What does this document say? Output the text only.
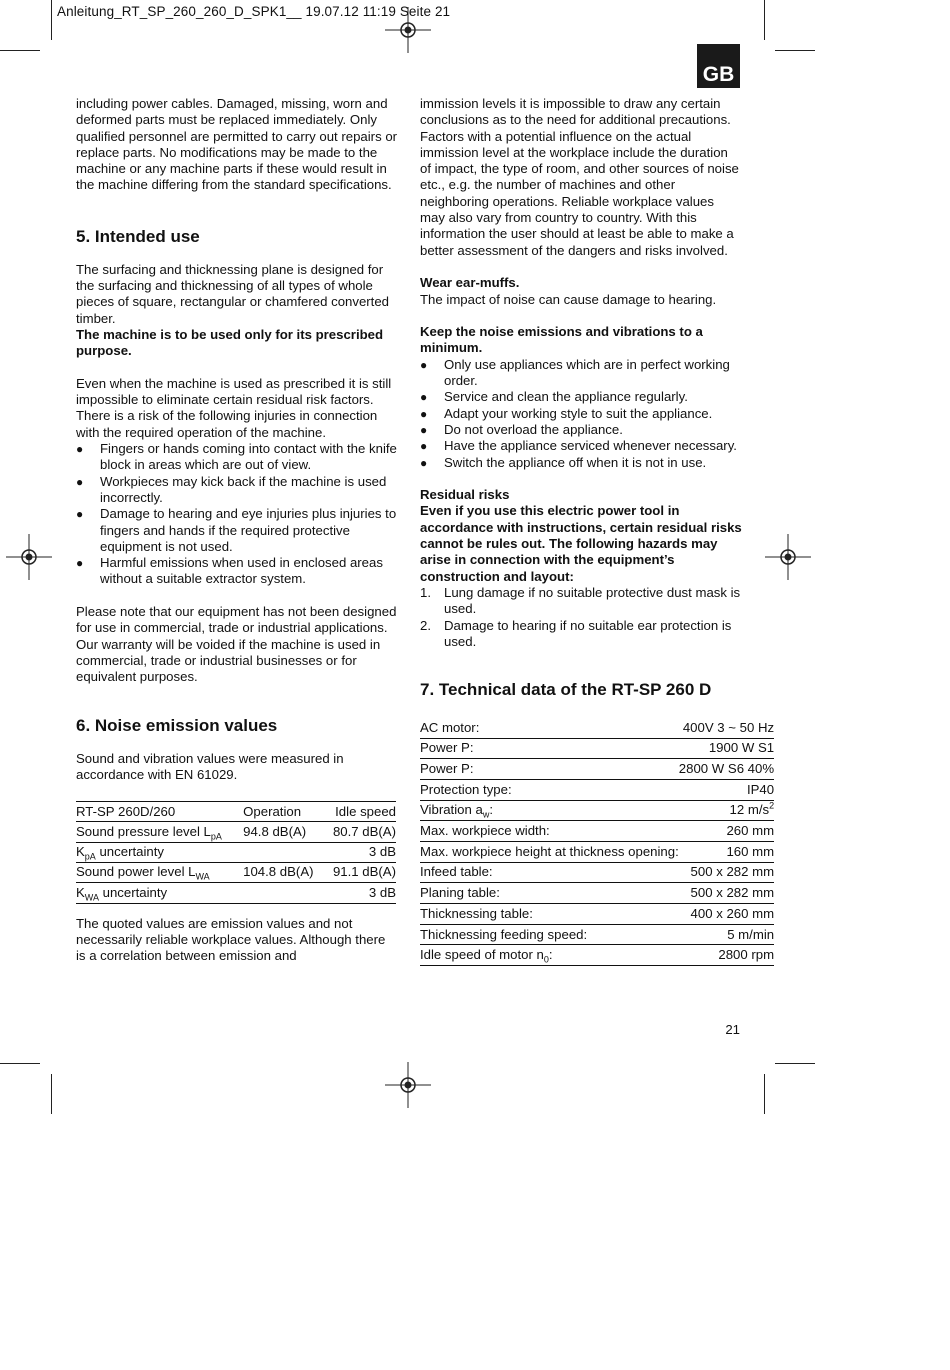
Anleitung_RT_SP_260_260_D_SPK1__ 19.07.12 11:19 Seite 21
GB

including power cables. Damaged, missing, worn and deformed parts must be replaced immediately. Only qualified personnel are permitted to carry out repairs or replace parts. No modifications may be made to the machine or any machine parts if these would result in the machine differing from the standard specifications.

5. Intended use

The surfacing and thicknessing plane is designed for the surfacing and thicknessing of all types of whole pieces of square, rectangular or chamfered converted timber.

The machine is to be used only for its prescribed purpose.

Even when the machine is used as prescribed it is still impossible to eliminate certain residual risk factors. There is a risk of the following injuries in connection with the required operation of the machine.

● Fingers or hands coming into contact with the knife block in areas which are out of view.
● Workpieces may kick back if the machine is used incorrectly.
● Damage to hearing and eye injuries plus injuries to fingers and hands if the required protective equipment is not used.
● Harmful emissions when used in enclosed areas without a suitable extractor system.

Please note that our equipment has not been designed for use in commercial, trade or industrial applications. Our warranty will be voided if the machine is used in commercial, trade or industrial businesses or for equivalent purposes.

6. Noise emission values

Sound and vibration values were measured in accordance with EN 61029.

RT-SP 260D/260	Operation	Idle speed
Sound pressure level $L_{pA}$	94.8 dB(A)	80.7 dB(A)
$K_{pA}$ uncertainty		3 dB
Sound power level $L_{WA}$	104.8 dB(A)	91.1 dB(A)
$K_{WA}$ uncertainty		3 dB

The quoted values are emission values and not necessarily reliable workplace values. Although there is a correlation between emission and

immission levels it is impossible to draw any certain conclusions as to the need for additional precautions. Factors with a potential influence on the actual immission level at the workplace include the duration of impact, the type of room, and other sources of noise etc., e.g. the number of machines and other neighboring operations. Reliable workplace values may also vary from country to country. With this information the user should at least be able to make a better assessment of the dangers and risks involved.

Wear ear-muffs.

The impact of noise can cause damage to hearing.

Keep the noise emissions and vibrations to a minimum.

● Only use appliances which are in perfect working order.
● Service and clean the appliance regularly.
● Adapt your working style to suit the appliance.
● Do not overload the appliance.
● Have the appliance serviced whenever necessary.
● Switch the appliance off when it is not in use.

Residual risks

Even if you use this electric power tool in accordance with instructions, certain residual risks cannot be rules out. The following hazards may arise in connection with the equipment’s construction and layout:

1. Lung damage if no suitable protective dust mask is used.
2. Damage to hearing if no suitable ear protection is used.
7. Technical data of the RT-SP 260 D
AC motor:	400V 3 ~ 50 Hz
Power P:	1900 W S1
Power P:	2800 W S6 40%
Protection type:	IP40
Vibration $a_w$:	12 $m/s^2$
Max. workpiece width:	260 mm
Max. workpiece height at thickness opening:	160 mm
Infeed table:	500 x 282 mm
Planing table:	500 x 282 mm
Thicknessing table:	400 x 260 mm
Thicknessing feeding speed:	5 m/min
Idle speed of motor $n_0$:	2800 rpm
21
